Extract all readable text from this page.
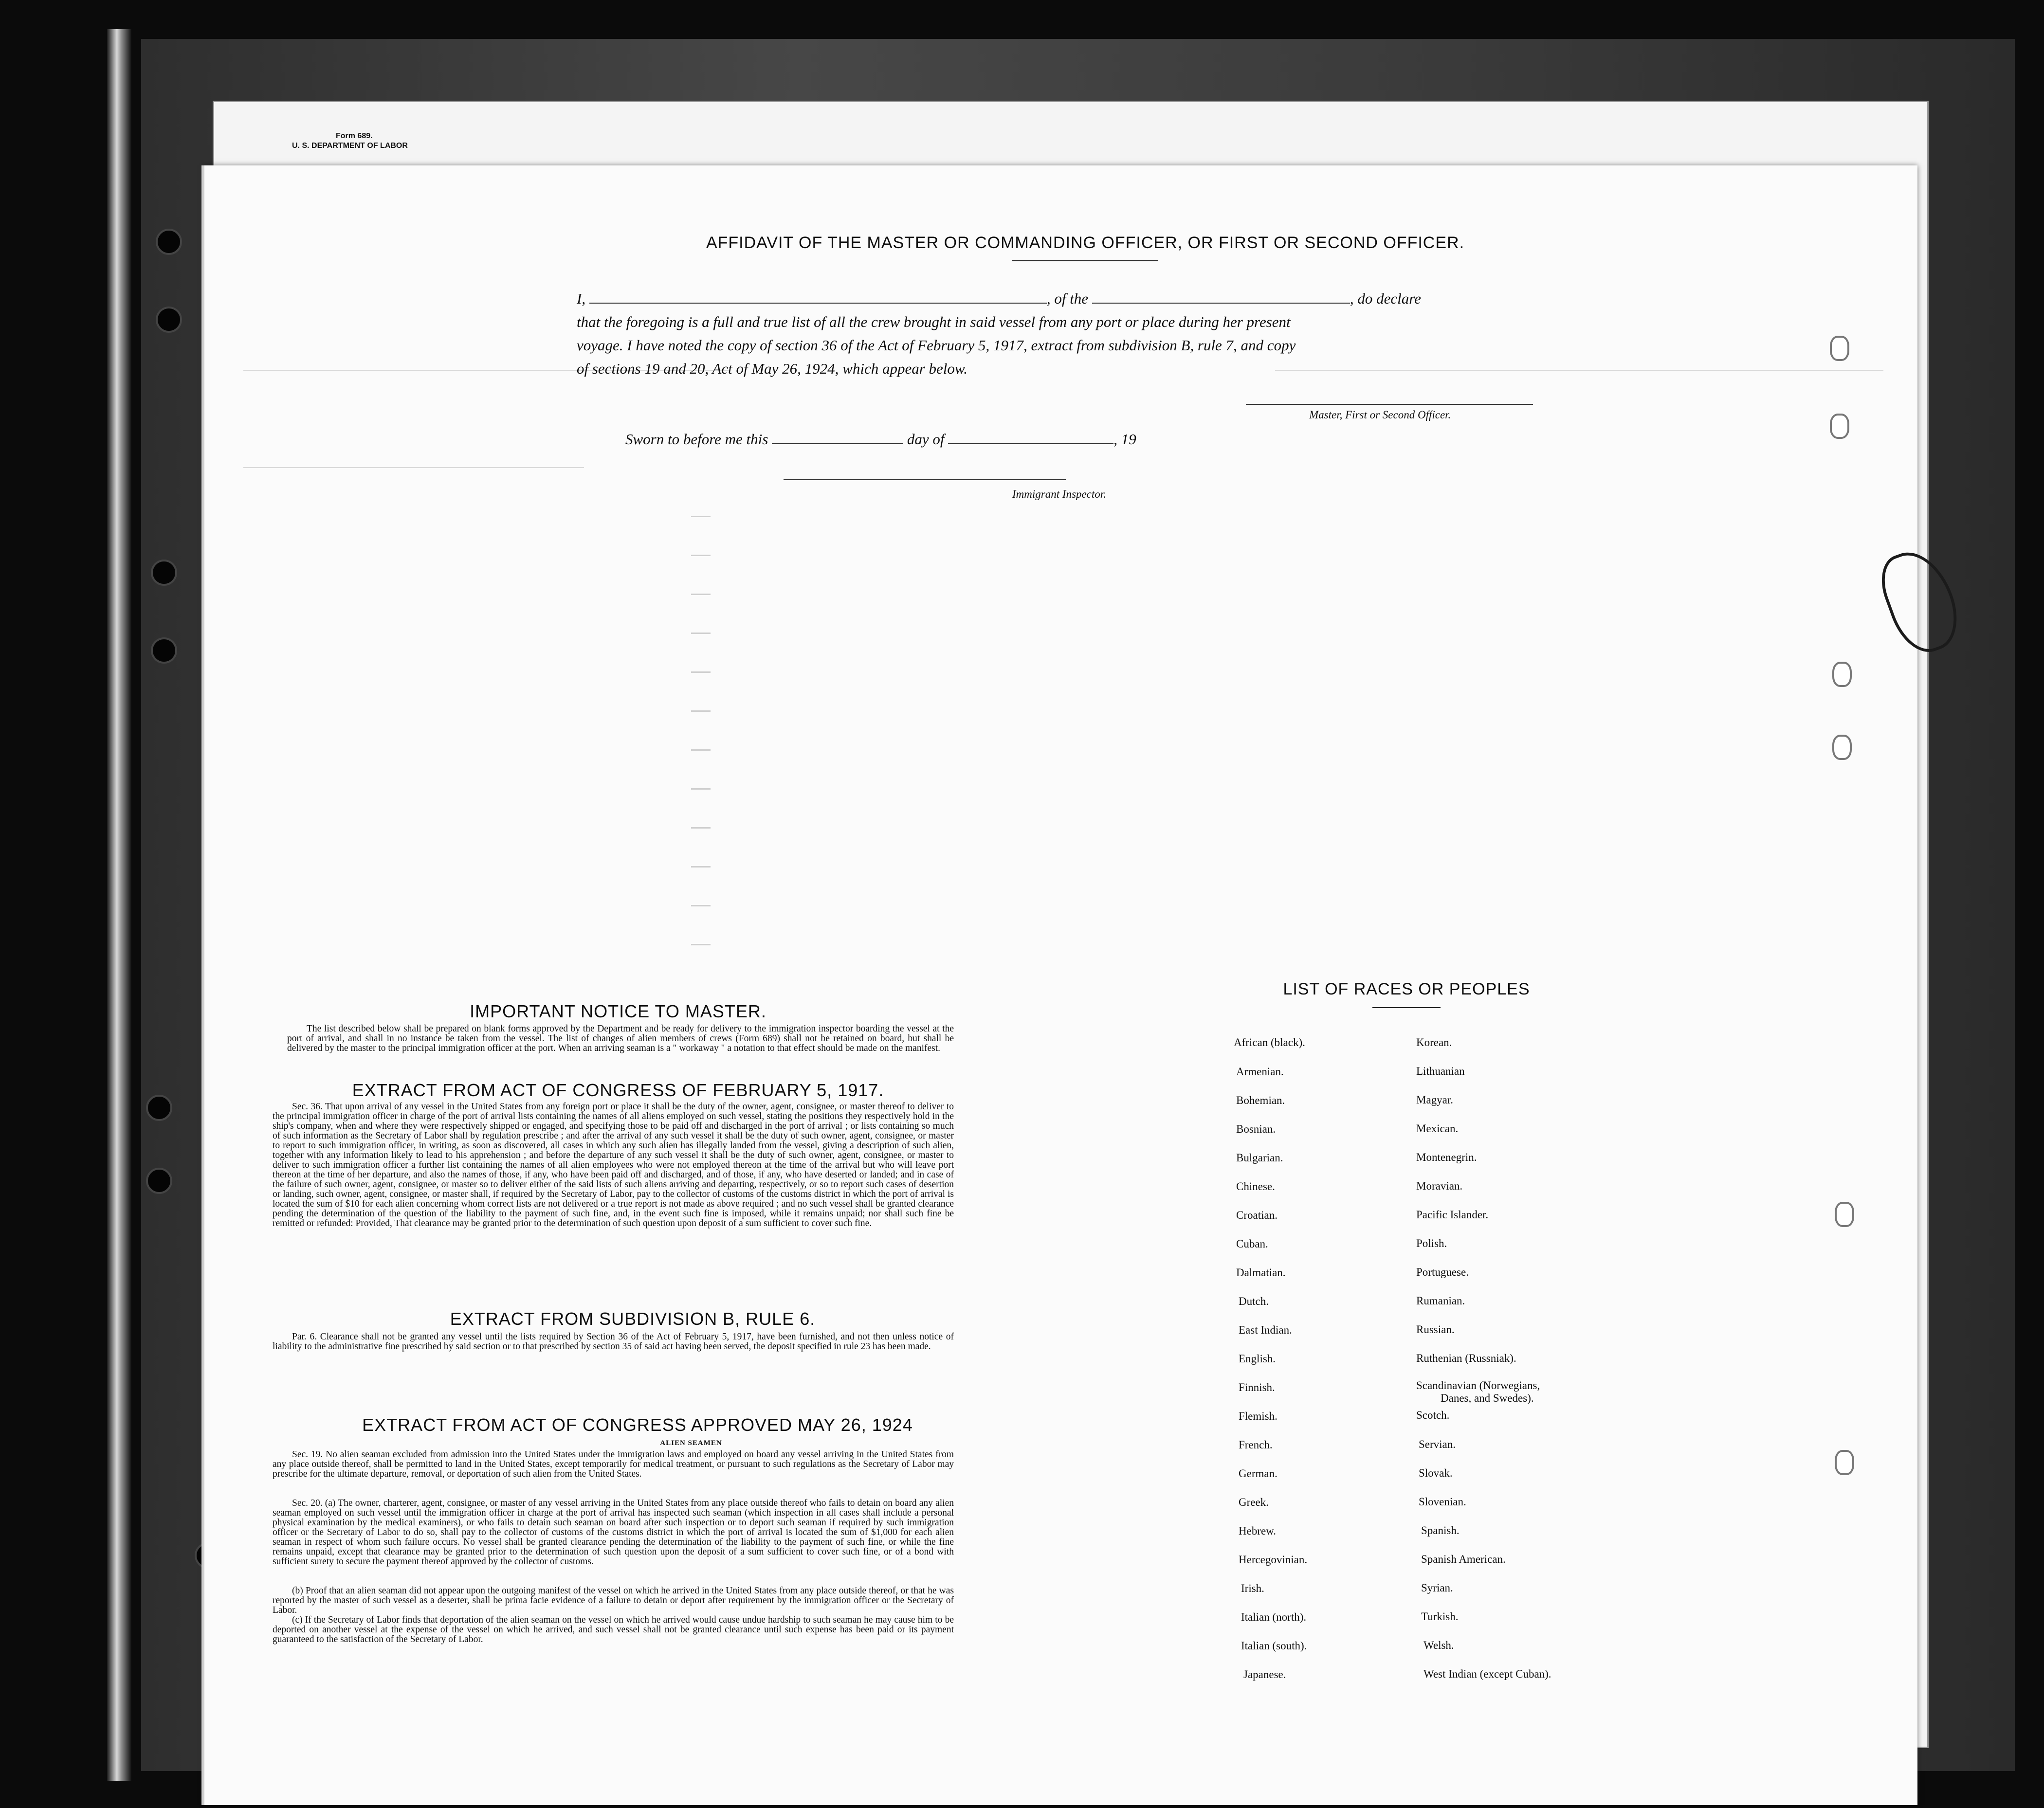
Form 689.
U. S. DEPARTMENT OF LABOR
AFFIDAVIT OF THE MASTER OR COMMANDING OFFICER, OR FIRST OR SECOND OFFICER.
I,	, of the	, do declare
that the foregoing is a full and true list of all the crew brought in said vessel from any port or place during her present
voyage. I have noted the copy of section 36 of the Act of February 5, 1917, extract from subdivision B, rule 7, and copy
of sections 19 and 20, Act of May 26, 1924, which appear below.
Master, First or Second Officer.
Sworn to before me this	day of	, 19
Immigrant Inspector.
IMPORTANT NOTICE TO MASTER.
The list described below shall be prepared on blank forms approved by the Department and be ready for delivery to the immigration inspector boarding the vessel at the port of arrival, and shall in no instance be taken from the vessel. The list of changes of alien members of crews (Form 689) shall not be retained on board, but shall be delivered by the master to the principal immigration officer at the port. When an arriving seaman is a " workaway " a notation to that effect should be made on the manifest.
EXTRACT FROM ACT OF CONGRESS OF FEBRUARY 5, 1917.
Sec. 36. That upon arrival of any vessel in the United States from any foreign port or place it shall be the duty of the owner, agent, consignee, or master thereof to deliver to the principal immigration officer in charge of the port of arrival lists containing the names of all aliens employed on such vessel, stating the positions they respectively hold in the ship's company, when and where they were respectively shipped or engaged, and specifying those to be paid off and discharged in the port of arrival ; or lists containing so much of such information as the Secretary of Labor shall by regulation prescribe ; and after the arrival of any such vessel it shall be the duty of such owner, agent, consignee, or master to report to such immigration officer, in writing, as soon as discovered, all cases in which any such alien has illegally landed from the vessel, giving a description of such alien, together with any information likely to lead to his apprehension ; and before the departure of any such vessel it shall be the duty of such owner, agent, consignee, or master to deliver to such immigration officer a further list containing the names of all alien employees who were not employed thereon at the time of the arrival but who will leave port thereon at the time of her departure, and also the names of those, if any, who have been paid off and discharged, and of those, if any, who have deserted or landed; and in case of the failure of such owner, agent, consignee, or master so to deliver either of the said lists of such aliens arriving and departing, respectively, or so to report such cases of desertion or landing, such owner, agent, consignee, or master shall, if required by the Secretary of Labor, pay to the collector of customs of the customs district in which the port of arrival is located the sum of $10 for each alien concerning whom correct lists are not delivered or a true report is not made as above required ; and no such vessel shall be granted clearance pending the determination of the question of the liability to the payment of such fine, and, in the event such fine is imposed, while it remains unpaid; nor shall such fine be remitted or refunded: Provided, That clearance may be granted prior to the determination of such question upon deposit of a sum sufficient to cover such fine.
EXTRACT FROM SUBDIVISION B, RULE 6.
Par. 6. Clearance shall not be granted any vessel until the lists required by Section 36 of the Act of February 5, 1917, have been furnished, and not then unless notice of liability to the administrative fine prescribed by said section or to that prescribed by section 35 of said act having been served, the deposit specified in rule 23 has been made.
EXTRACT FROM ACT OF CONGRESS APPROVED MAY 26, 1924
ALIEN SEAMEN
Sec. 19. No alien seaman excluded from admission into the United States under the immigration laws and employed on board any vessel arriving in the United States from any place outside thereof, shall be permitted to land in the United States, except temporarily for medical treatment, or pursuant to such regulations as the Secretary of Labor may prescribe for the ultimate departure, removal, or deportation of such alien from the United States.
Sec. 20. (a) The owner, charterer, agent, consignee, or master of any vessel arriving in the United States from any place outside thereof who fails to detain on board any alien seaman employed on such vessel until the immigration officer in charge at the port of arrival has inspected such seaman (which inspection in all cases shall include a personal physical examination by the medical examiners), or who fails to detain such seaman on board after such inspection or to deport such seaman if required by such immigration officer or the Secretary of Labor to do so, shall pay to the collector of customs of the customs district in which the port of arrival is located the sum of $1,000 for each alien seaman in respect of whom such failure occurs. No vessel shall be granted clearance pending the determination of the liability to the payment of such fine, or while the fine remains unpaid, except that clearance may be granted prior to the determination of such question upon the deposit of a sum sufficient to cover such fine, or of a bond with sufficient surety to secure the payment thereof approved by the collector of customs.
(b) Proof that an alien seaman did not appear upon the outgoing manifest of the vessel on which he arrived in the United States from any place outside thereof, or that he was reported by the master of such vessel as a deserter, shall be prima facie evidence of a failure to detain or deport after requirement by the immigration officer or the Secretary of Labor.
(c) If the Secretary of Labor finds that deportation of the alien seaman on the vessel on which he arrived would cause undue hardship to such seaman he may cause him to be deported on another vessel at the expense of the vessel on which he arrived, and such vessel shall not be granted clearance until such expense has been paid or its payment guaranteed to the satisfaction of the Secretary of Labor.
LIST OF RACES OR PEOPLES
African (black).
Armenian.
Bohemian.
Bosnian.
Bulgarian.
Chinese.
Croatian.
Cuban.
Dalmatian.
Dutch.
East Indian.
English.
Finnish.
Flemish.
French.
German.
Greek.
Hebrew.
Hercegovinian.
Irish.
Italian (north).
Italian (south).
Japanese.
Korean.
Lithuanian
Magyar.
Mexican.
Montenegrin.
Moravian.
Pacific Islander.
Polish.
Portuguese.
Rumanian.
Russian.
Ruthenian (Russniak).
Scandinavian (Norwegians,
Danes, and Swedes).
Scotch.
Servian.
Slovak.
Slovenian.
Spanish.
Spanish American.
Syrian.
Turkish.
Welsh.
West Indian (except Cuban).
